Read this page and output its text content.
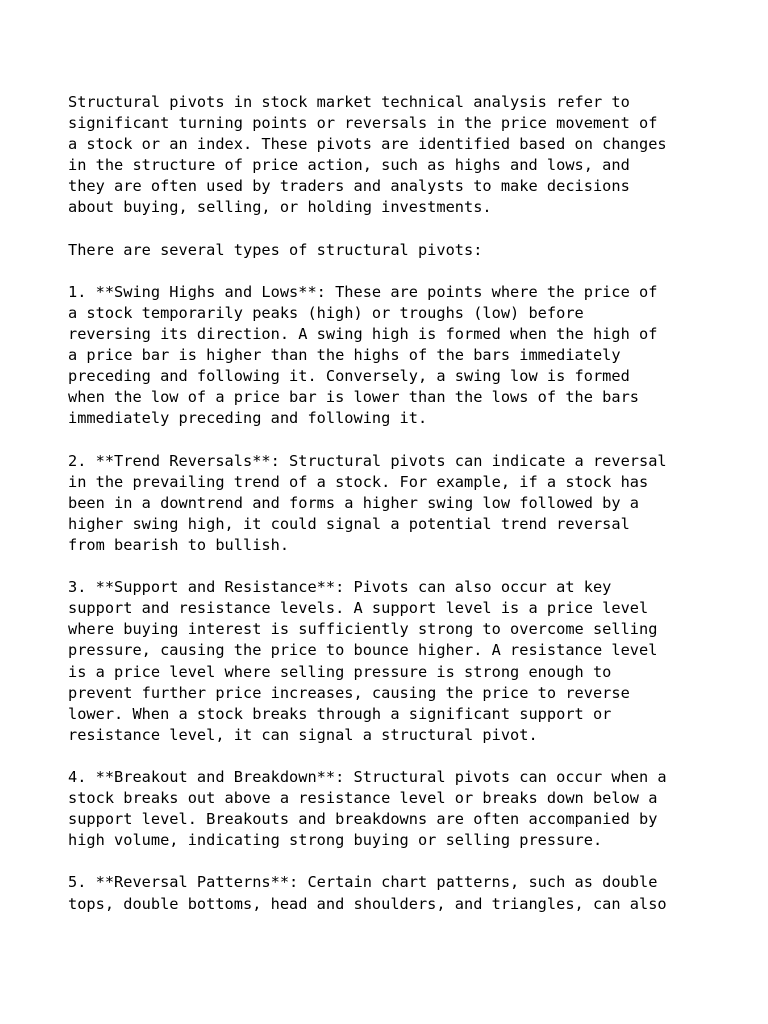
Structural pivots in stock market technical analysis refer to
significant turning points or reversals in the price movement of
a stock or an index. These pivots are identified based on changes
in the structure of price action, such as highs and lows, and
they are often used by traders and analysts to make decisions
about buying, selling, or holding investments.

There are several types of structural pivots:

1. **Swing Highs and Lows**: These are points where the price of
a stock temporarily peaks (high) or troughs (low) before
reversing its direction. A swing high is formed when the high of
a price bar is higher than the highs of the bars immediately
preceding and following it. Conversely, a swing low is formed
when the low of a price bar is lower than the lows of the bars
immediately preceding and following it.

2. **Trend Reversals**: Structural pivots can indicate a reversal
in the prevailing trend of a stock. For example, if a stock has
been in a downtrend and forms a higher swing low followed by a
higher swing high, it could signal a potential trend reversal
from bearish to bullish.

3. **Support and Resistance**: Pivots can also occur at key
support and resistance levels. A support level is a price level
where buying interest is sufficiently strong to overcome selling
pressure, causing the price to bounce higher. A resistance level
is a price level where selling pressure is strong enough to
prevent further price increases, causing the price to reverse
lower. When a stock breaks through a significant support or
resistance level, it can signal a structural pivot.

4. **Breakout and Breakdown**: Structural pivots can occur when a
stock breaks out above a resistance level or breaks down below a
support level. Breakouts and breakdowns are often accompanied by
high volume, indicating strong buying or selling pressure.

5. **Reversal Patterns**: Certain chart patterns, such as double
tops, double bottoms, head and shoulders, and triangles, can also
